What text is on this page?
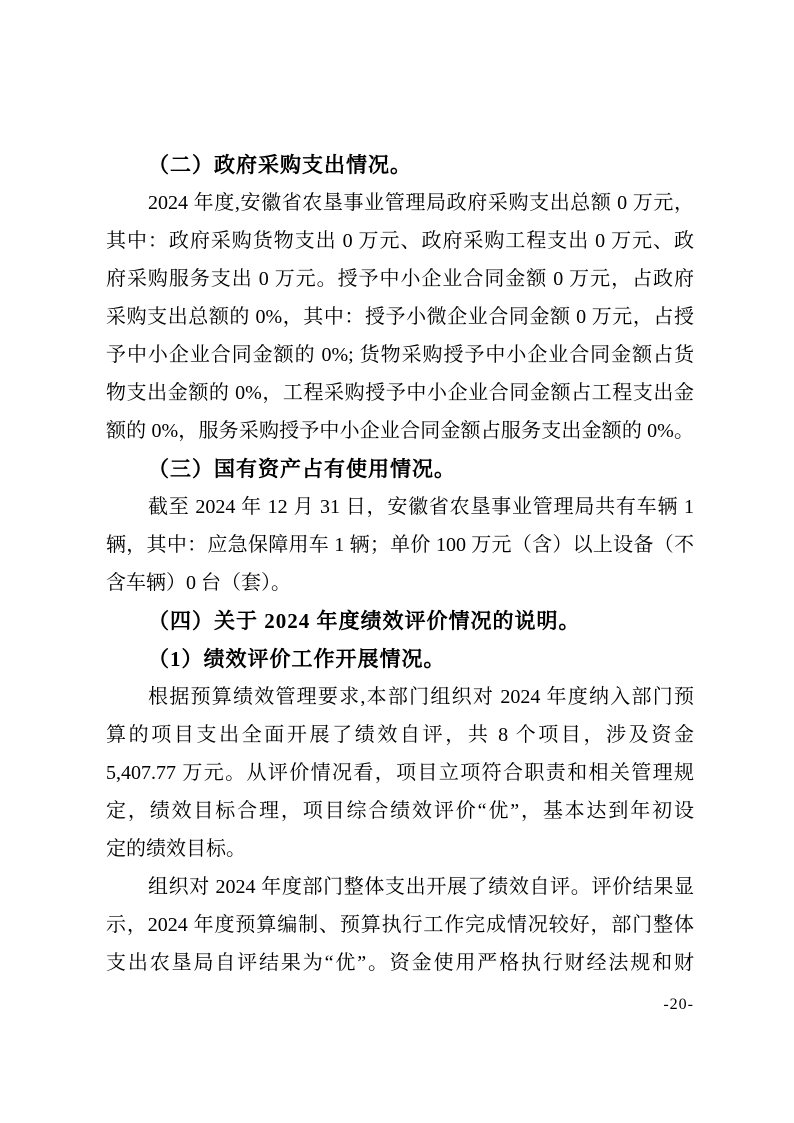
（二）政府采购支出情况。
2024 年度,安徽省农垦事业管理局政府采购支出总额 0 万元，
其中：政府采购货物支出 0 万元、政府采购工程支出 0 万元、政
府采购服务支出 0 万元。授予中小企业合同金额 0 万元，占政府
采购支出总额的 0%，其中：授予小微企业合同金额 0 万元，占授
予中小企业合同金额的 0%; 货物采购授予中小企业合同金额占货
物支出金额的 0%，工程采购授予中小企业合同金额占工程支出金
额的 0%，服务采购授予中小企业合同金额占服务支出金额的 0%。
（三）国有资产占有使用情况。
截至 2024 年 12 月 31 日，安徽省农垦事业管理局共有车辆 1
辆，其中：应急保障用车 1 辆；单价 100 万元（含）以上设备（不
含车辆）0 台（套）。
（四）关于 2024 年度绩效评价情况的说明。
（1）绩效评价工作开展情况。
根据预算绩效管理要求,本部门组织对 2024 年度纳入部门预
算的项目支出全面开展了绩效自评，共 8 个项目，涉及资金
5,407.77 万元。从评价情况看，项目立项符合职责和相关管理规
定，绩效目标合理，项目综合绩效评价“优”，基本达到年初设
定的绩效目标。
组织对 2024 年度部门整体支出开展了绩效自评。评价结果显
示，2024 年度预算编制、预算执行工作完成情况较好，部门整体
支出农垦局自评结果为“优”。资金使用严格执行财经法规和财
-20-
